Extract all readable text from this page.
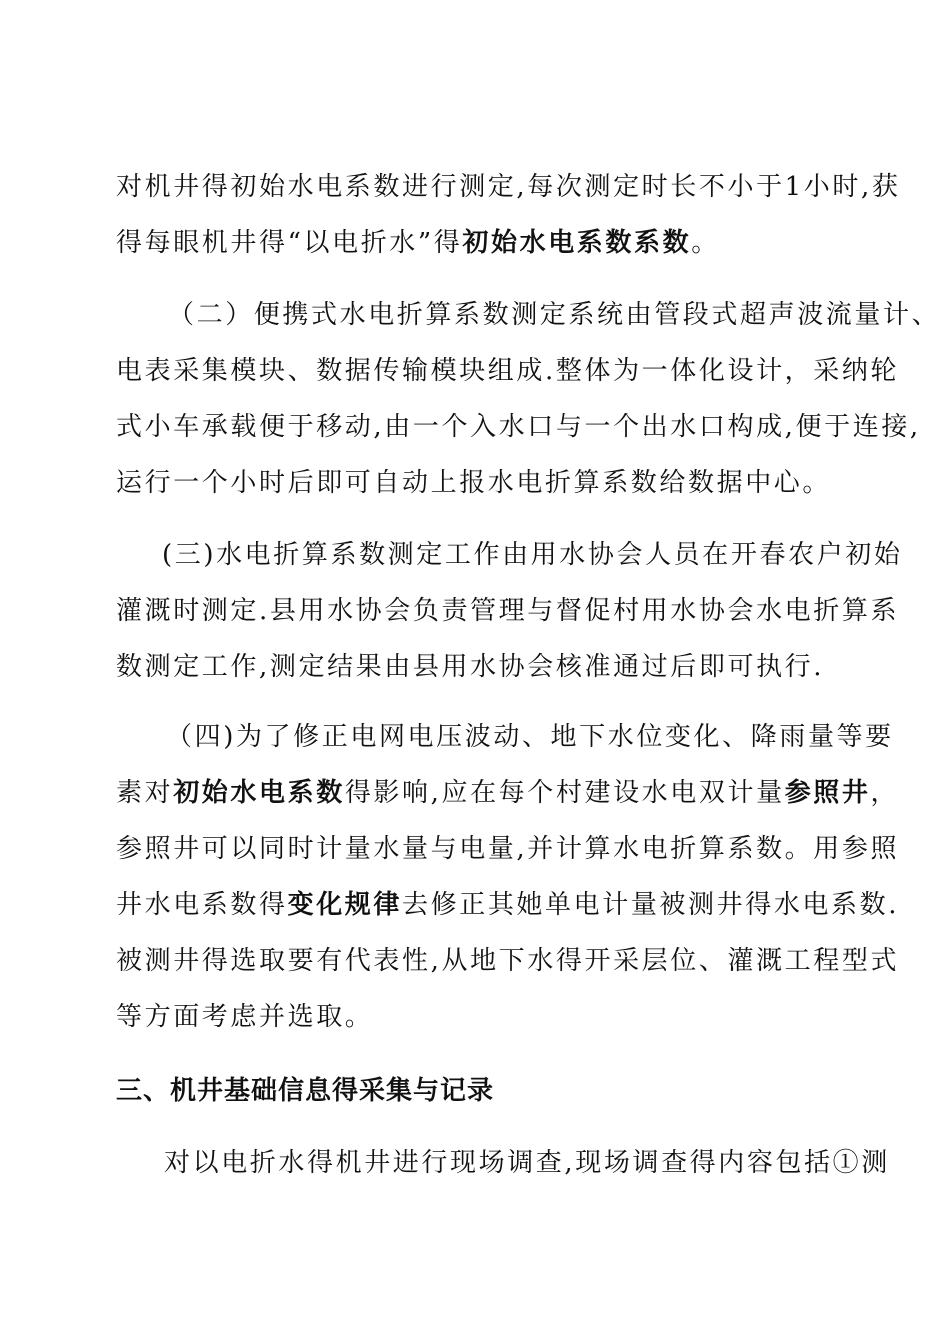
对机井得初始水电系数进行测定,每次测定时长不小于1小时,获
得每眼机井得“以电折水”得初始水电系数系数。
（二）便携式水电折算系数测定系统由管段式超声波流量计、
电表采集模块、数据传输模块组成.整体为一体化设计，采纳轮
式小车承载便于移动,由一个入水口与一个出水口构成,便于连接,
运行一个小时后即可自动上报水电折算系数给数据中心。
(三)水电折算系数测定工作由用水协会人员在开春农户初始
灌溉时测定.县用水协会负责管理与督促村用水协会水电折算系
数测定工作,测定结果由县用水协会核准通过后即可执行.
（四)为了修正电网电压波动、地下水位变化、降雨量等要
素对初始水电系数得影响,应在每个村建设水电双计量参照井，
参照井可以同时计量水量与电量,并计算水电折算系数。用参照
井水电系数得变化规律去修正其她单电计量被测井得水电系数.
被测井得选取要有代表性,从地下水得开采层位、灌溉工程型式
等方面考虑并选取。
三、机井基础信息得采集与记录
对以电折水得机井进行现场调查,现场调查得内容包括①测
